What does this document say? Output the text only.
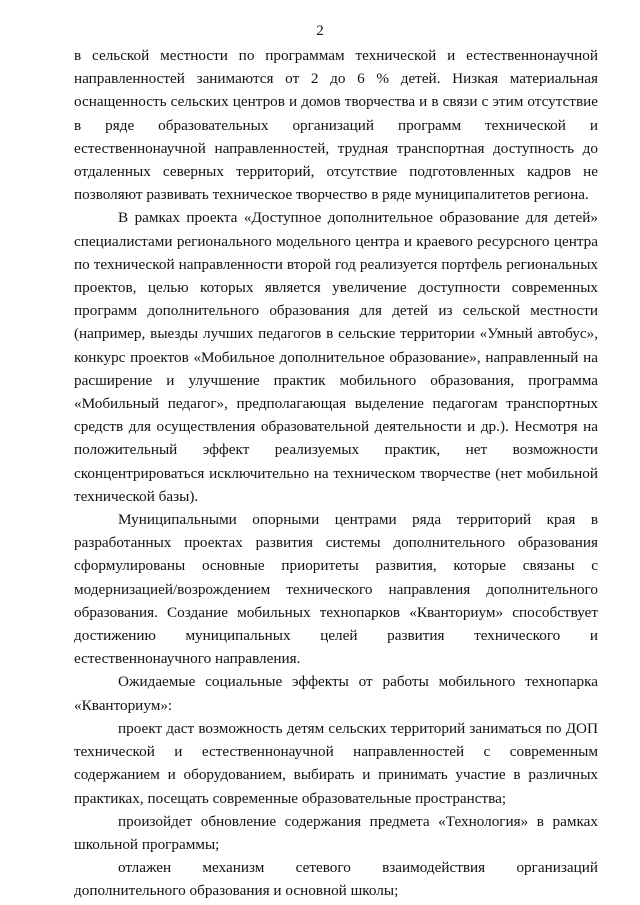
2

в сельской местности по программам технической и естественнонаучной направленностей занимаются от 2 до 6 % детей. Низкая материальная оснащенность сельских центров и домов творчества и в связи с этим отсутствие в ряде образовательных организаций программ технической и естественнонаучной направленностей, трудная транспортная доступность до отдаленных северных территорий, отсутствие подготовленных кадров не позволяют развивать техническое творчество в ряде муниципалитетов региона.

В рамках проекта «Доступное дополнительное образование для детей» специалистами регионального модельного центра и краевого ресурсного центра по технической направленности второй год реализуется портфель региональных проектов, целью которых является увеличение доступности современных программ дополнительного образования для детей из сельской местности (например, выезды лучших педагогов в сельские территории «Умный автобус», конкурс проектов «Мобильное дополнительное образование», направленный на расширение и улучшение практик мобильного образования, программа «Мобильный педагог», предполагающая выделение педагогам транспортных средств для осуществления образовательной деятельности и др.). Несмотря на положительный эффект реализуемых практик, нет возможности сконцентрироваться исключительно на техническом творчестве (нет мобильной технической базы).

Муниципальными опорными центрами ряда территорий края в разработанных проектах развития системы дополнительного образования сформулированы основные приоритеты развития, которые связаны с модернизацией/возрождением технического направления дополнительного образования. Создание мобильных технопарков «Кванториум» способствует достижению муниципальных целей развития технического и естественнонаучного направления.

Ожидаемые социальные эффекты от работы мобильного технопарка «Кванториум»:

проект даст возможность детям сельских территорий заниматься по ДОП технической и естественнонаучной направленностей с современным содержанием и оборудованием, выбирать и принимать участие в различных практиках, посещать современные образовательные пространства;

произойдет обновление содержания предмета «Технология» в рамках школьной программы;

отлажен механизм сетевого взаимодействия организаций дополнительного образования и основной школы;
